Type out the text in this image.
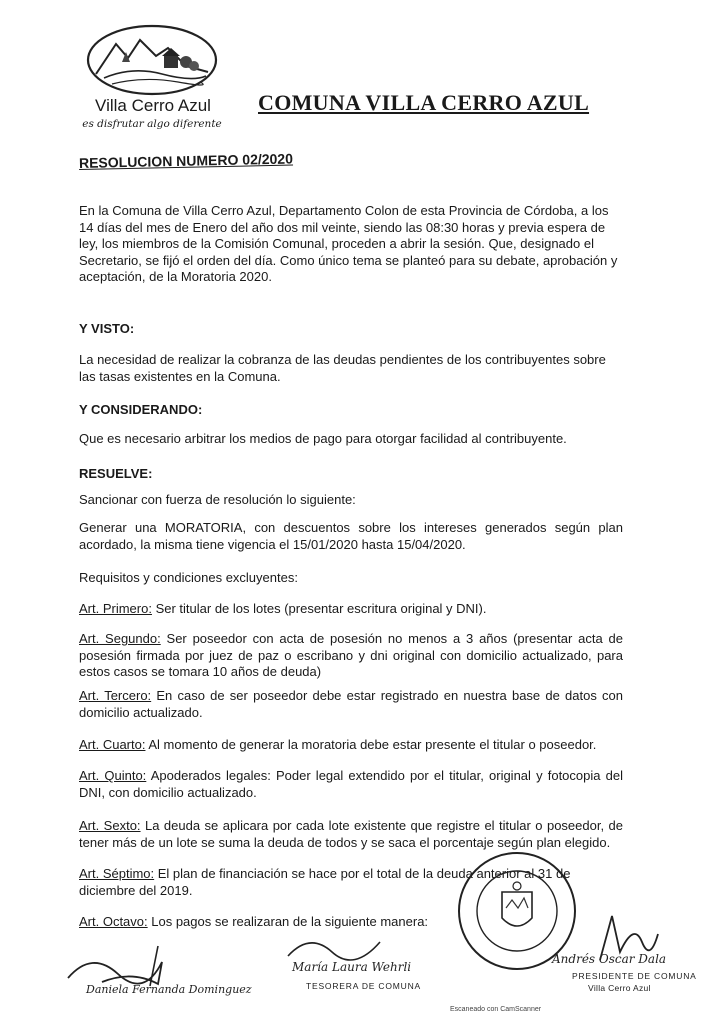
Villa Cerro Azul
es disfrutar algo diferente
COMUNA VILLA CERRO AZUL
RESOLUCION NUMERO 02/2020
En la Comuna de Villa Cerro Azul, Departamento Colon de esta Provincia de Córdoba, a los 14 días del mes de Enero del año dos mil veinte, siendo las 08:30 horas y previa espera de ley, los miembros de la Comisión Comunal, proceden a abrir la sesión. Que, designado el Secretario, se fijó el orden del día. Como único tema se planteó para su debate, aprobación y aceptación, de la Moratoria 2020.
Y VISTO:
La necesidad de realizar la cobranza de las deudas pendientes de los contribuyentes sobre las tasas existentes en la Comuna.
Y CONSIDERANDO:
Que es necesario arbitrar los medios de pago para otorgar facilidad al contribuyente.
RESUELVE:
Sancionar con fuerza de resolución lo siguiente:
Generar una MORATORIA, con descuentos sobre los intereses generados según plan acordado, la misma tiene vigencia el 15/01/2020 hasta 15/04/2020.
Requisitos y condiciones excluyentes:
Art. Primero: Ser titular de los lotes (presentar escritura original y DNI).
Art. Segundo: Ser poseedor con acta de posesión no menos a 3 años (presentar acta de posesión firmada por juez de paz o escribano y dni original con domicilio actualizado, para estos casos se tomara 10 años de deuda)
Art. Tercero: En caso de ser poseedor debe estar registrado en nuestra base de datos con domicilio actualizado.
Art. Cuarto: Al momento de generar la moratoria debe estar presente el titular o poseedor.
Art. Quinto: Apoderados legales: Poder legal extendido por el titular, original y fotocopia del DNI, con domicilio actualizado.
Art. Sexto: La deuda se aplicara por cada lote existente que registre el titular o poseedor, de tener más de un lote se suma la deuda de todos y se saca el porcentaje según plan elegido.
Art. Séptimo: El plan de financiación se hace por el total de la deuda anterior al 31 de diciembre del 2019.
Art. Octavo: Los pagos se realizaran de la siguiente manera:
Daniela Fernanda Dominguez
María Laura Wehrli
TESORERA DE COMUNA
Andrés Oscar Dala
PRESIDENTE DE COMUNA
Villa Cerro Azul
Escaneado con CamScanner
